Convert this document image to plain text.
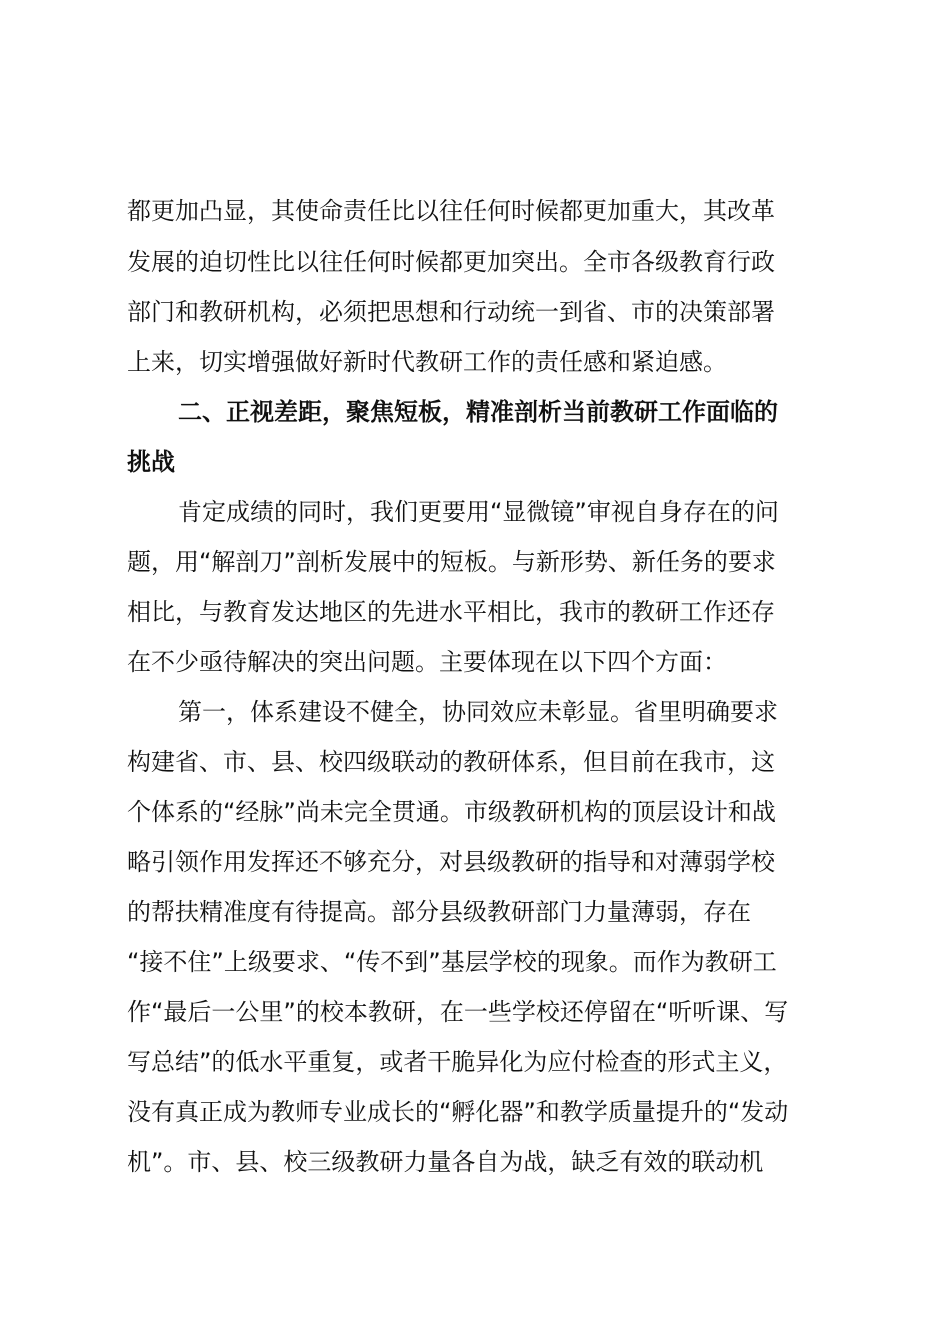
都更加凸显，其使命责任比以往任何时候都更加重大，其改革
发展的迫切性比以往任何时候都更加突出。全市各级教育行政
部门和教研机构，必须把思想和行动统一到省、市的决策部署
上来，切实增强做好新时代教研工作的责任感和紧迫感。
二、正视差距，聚焦短板，精准剖析当前教研工作面临的
挑战
肯定成绩的同时，我们更要用“显微镜”审视自身存在的问
题，用“解剖刀”剖析发展中的短板。与新形势、新任务的要求
相比，与教育发达地区的先进水平相比，我市的教研工作还存
在不少亟待解决的突出问题。主要体现在以下四个方面：
第一，体系建设不健全，协同效应未彰显。省里明确要求
构建省、市、县、校四级联动的教研体系，但目前在我市，这
个体系的“经脉”尚未完全贯通。市级教研机构的顶层设计和战
略引领作用发挥还不够充分，对县级教研的指导和对薄弱学校
的帮扶精准度有待提高。部分县级教研部门力量薄弱，存在
“接不住”上级要求、“传不到”基层学校的现象。而作为教研工
作“最后一公里”的校本教研，在一些学校还停留在“听听课、写
写总结”的低水平重复，或者干脆异化为应付检查的形式主义，
没有真正成为教师专业成长的“孵化器”和教学质量提升的“发动
机”。市、县、校三级教研力量各自为战，缺乏有效的联动机
